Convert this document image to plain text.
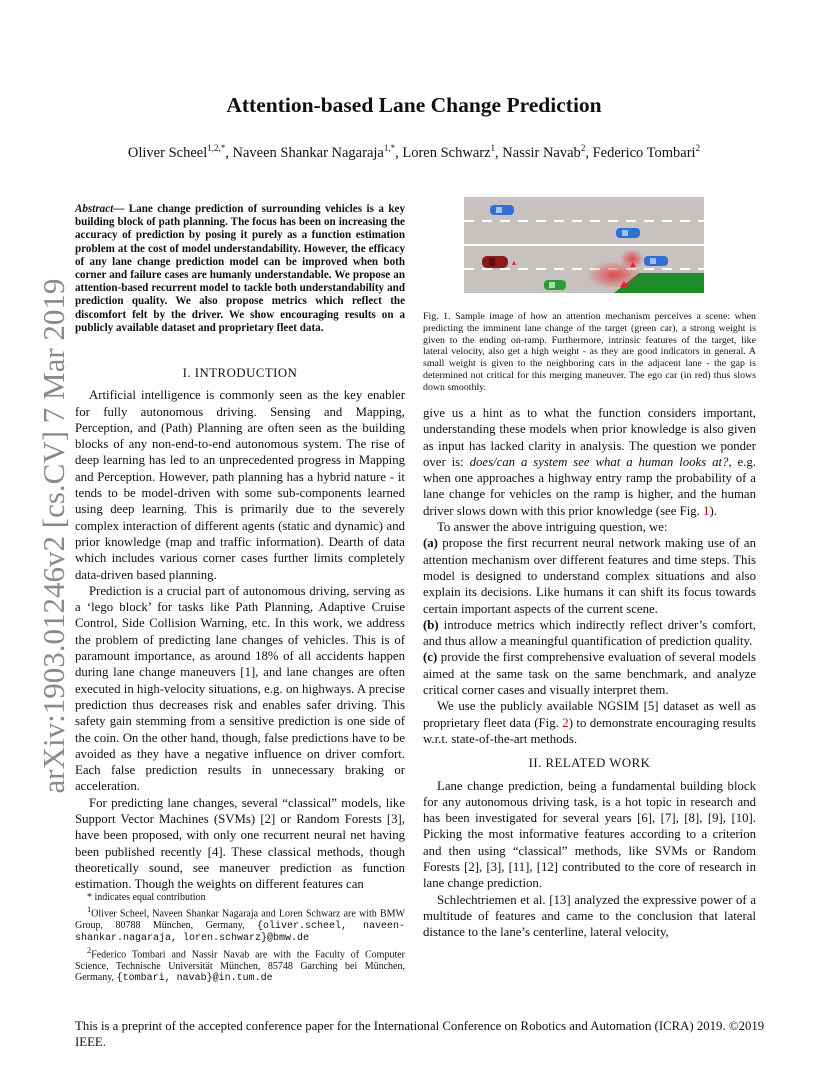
arXiv:1903.01246v2 [cs.CV] 7 Mar 2019
Attention-based Lane Change Prediction
Oliver Scheel$^{1,2,*}$, Naveen Shankar Nagaraja$^{1,*}$, Loren Schwarz$^1$, Nassir Navab$^2$, Federico Tombari$^2$
Abstract— Lane change prediction of surrounding vehicles is a key building block of path planning. The focus has been on increasing the accuracy of prediction by posing it purely as a function estimation problem at the cost of model understandability. However, the efficacy of any lane change prediction model can be improved when both corner and failure cases are humanly understandable. We propose an attention-based recurrent model to tackle both understandability and prediction quality. We also propose metrics which reflect the discomfort felt by the driver. We show encouraging results on a publicly available dataset and proprietary fleet data.
I. INTRODUCTION

Artificial intelligence is commonly seen as the key enabler for fully autonomous driving. Sensing and Mapping, Perception, and (Path) Planning are often seen as the building blocks of any non-end-to-end autonomous system. The rise of deep learning has led to an unprecedented progress in Mapping and Perception. However, path planning has a hybrid nature - it tends to be model-driven with some sub-components learned using deep learning. This is primarily due to the severely complex interaction of different agents (static and dynamic) and prior knowledge (map and traffic information). Dearth of data which includes various corner cases further limits completely data-driven based planning.

Prediction is a crucial part of autonomous driving, serving as a ‘lego block’ for tasks like Path Planning, Adaptive Cruise Control, Side Collision Warning, etc. In this work, we address the problem of predicting lane changes of vehicles. This is of paramount importance, as around 18% of all accidents happen during lane change maneuvers [1], and lane changes are often executed in high-velocity situations, e.g. on highways. A precise prediction thus decreases risk and enables safer driving. This safety gain stemming from a sensitive prediction is one side of the coin. On the other hand, though, false predictions have to be avoided as they have a negative influence on driver comfort. Each false prediction results in unnecessary braking or acceleration.

For predicting lane changes, several “classical” models, like Support Vector Machines (SVMs) [2] or Random Forests [3], have been proposed, with only one recurrent neural net having been published recently [4]. These classical methods, though theoretically sound, see maneuver prediction as function estimation. Though the weights on different features can

* indicates equal contribution

$^1$Oliver Scheel, Naveen Shankar Nagaraja and Loren Schwarz are with BMW Group, 80788 München, Germany, {oliver.scheel, naveen-shankar.nagaraja, loren.schwarz}@bmw.de

$^2$Federico Tombari and Nassir Navab are with the Faculty of Computer Science, Technische Universität München, 85748 Garching bei München, Germany, {tombari, navab}@in.tum.de

Fig. 1. Sample image of how an attention mechanism perceives a scene: when predicting the imminent lane change of the target (green car), a strong weight is given to the ending on-ramp. Furthermore, intrinsic features of the target, like lateral velocity, also get a high weight - as they are good indicators in general. A small weight is given to the neighboring cars in the adjacent lane - the gap is determined not critical for this merging maneuver. The ego car (in red) thus slows down smoothly.

give us a hint as to what the function considers important, understanding these models when prior knowledge is also given as input has lacked clarity in analysis. The question we ponder over is: does/can a system see what a human looks at?, e.g. when one approaches a highway entry ramp the probability of a lane change for vehicles on the ramp is higher, and the human driver slows down with this prior knowledge (see Fig. 1).

To answer the above intriguing question, we:

(a) propose the first recurrent neural network making use of an attention mechanism over different features and time steps. This model is designed to understand complex situations and also explain its decisions. Like humans it can shift its focus towards certain important aspects of the current scene.

(b) introduce metrics which indirectly reflect driver’s comfort, and thus allow a meaningful quantification of prediction quality.

(c) provide the first comprehensive evaluation of several models aimed at the same task on the same benchmark, and analyze critical corner cases and visually interpret them.

We use the publicly available NGSIM [5] dataset as well as proprietary fleet data (Fig. 2) to demonstrate encouraging results w.r.t. state-of-the-art methods.

II. RELATED WORK

Lane change prediction, being a fundamental building block for any autonomous driving task, is a hot topic in research and has been investigated for several years [6], [7], [8], [9], [10]. Picking the most informative features according to a criterion and then using “classical” methods, like SVMs or Random Forests [2], [3], [11], [12] contributed to the core of research in lane change prediction.

Schlechtriemen et al. [13] analyzed the expressive power of a multitude of features and came to the conclusion that lateral distance to the lane’s centerline, lateral velocity,

This is a preprint of the accepted conference paper for the International Conference on Robotics and Automation (ICRA) 2019. ©2019 IEEE.
